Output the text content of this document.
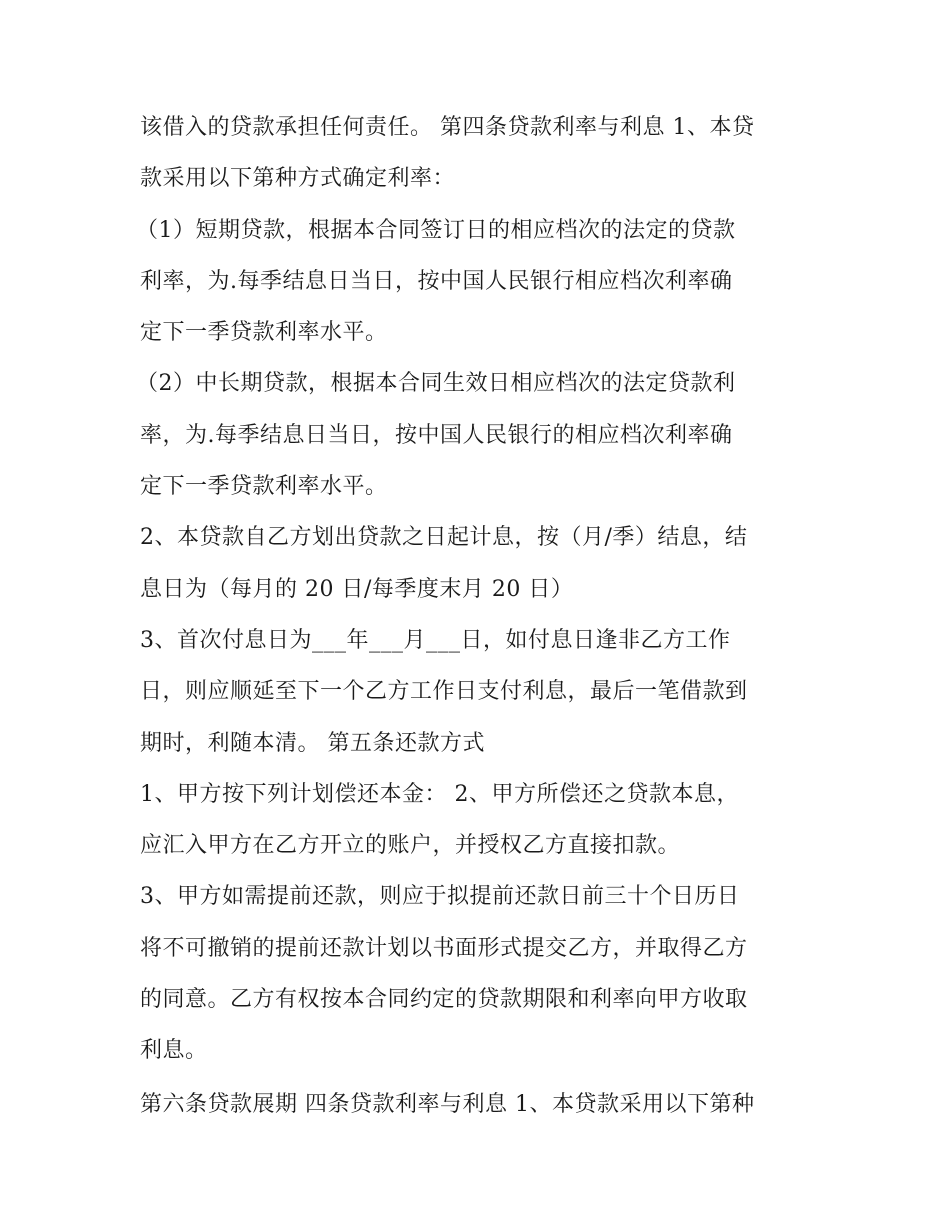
该借入的贷款承担任何责任。 第四条贷款利率与利息 1、本贷
款采用以下第种方式确定利率：
（1）短期贷款，根据本合同签订日的相应档次的法定的贷款
利率，为.每季结息日当日，按中国人民银行相应档次利率确
定下一季贷款利率水平。
（2）中长期贷款，根据本合同生效日相应档次的法定贷款利
率，为.每季结息日当日，按中国人民银行的相应档次利率确
定下一季贷款利率水平。
2、本贷款自乙方划出贷款之日起计息，按（月/季）结息，结
息日为（每月的 20 日/每季度末月 20 日）
3、首次付息日为___年___月___日，如付息日逢非乙方工作
日，则应顺延至下一个乙方工作日支付利息，最后一笔借款到
期时，利随本清。 第五条还款方式
1、甲方按下列计划偿还本金： 2、甲方所偿还之贷款本息，
应汇入甲方在乙方开立的账户，并授权乙方直接扣款。
3、甲方如需提前还款，则应于拟提前还款日前三十个日历日
将不可撤销的提前还款计划以书面形式提交乙方，并取得乙方
的同意。乙方有权按本合同约定的贷款期限和利率向甲方收取
利息。
第六条贷款展期 四条贷款利率与利息 1、本贷款采用以下第种
